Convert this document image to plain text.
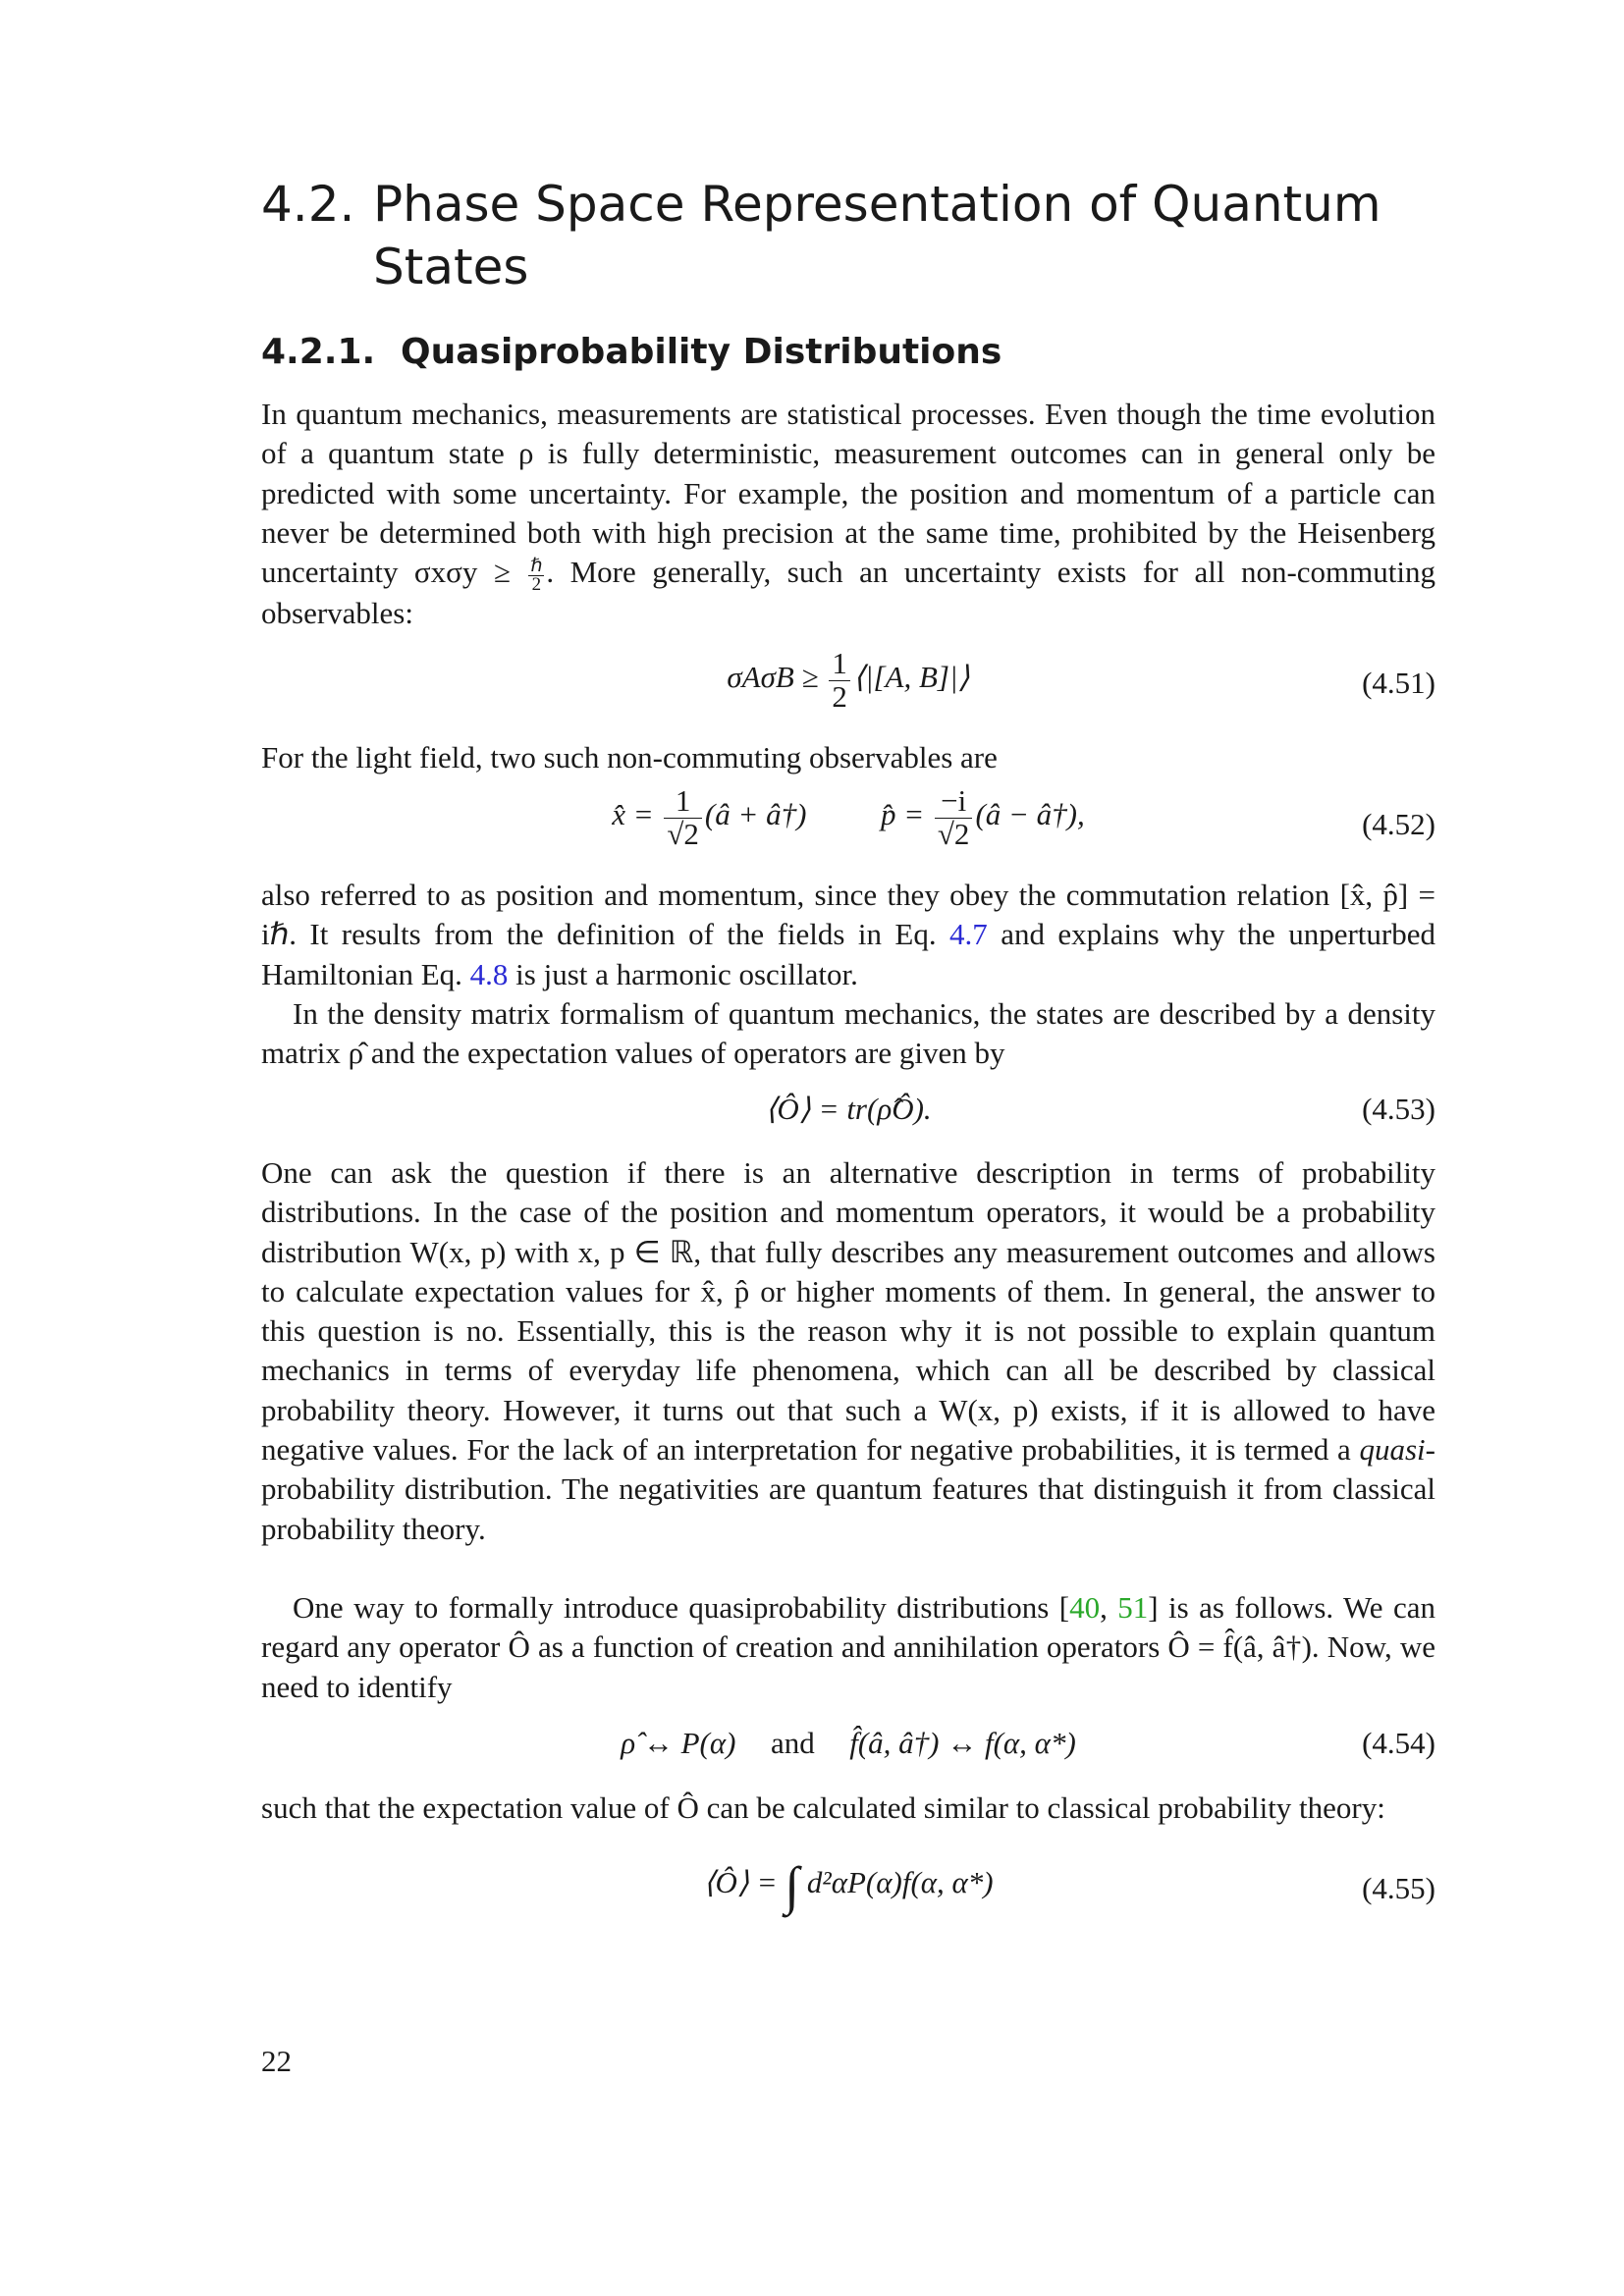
4.2. Phase Space Representation of Quantum
States
4.2.1. Quasiprobability Distributions

In quantum mechanics, measurements are statistical processes. Even though the time evolution of a quantum state ρ is fully deterministic, measurement outcomes can in general only be predicted with some uncertainty. For example, the position and momentum of a particle can never be determined both with high precision at the same time, prohibited by the Heisenberg uncertainty σxσy ≥ ℏ
2 . More generally, such an uncertainty exists for all non-commuting observables:

$\sigma A\sigma B \ge \frac{1}{2}$ ⟨|[A, B]|⟩	(4.51)

For the light field, two such non-commuting observables are

x̂ = $\frac{1}{√2}$ (â + â†) p̂ = $\frac{-i}{√2}$ (â − â†),	(4.52)

also referred to as position and momentum, since they obey the commutation relation [x̂, p̂] = iℏ. It results from the definition of the fields in Eq. 4.7 and explains why the unperturbed Hamiltonian Eq. 4.8 is just a harmonic oscillator.

In the density matrix formalism of quantum mechanics, the states are described by a density matrix ρ̂ and the expectation values of operators are given by

⟨Ô⟩ = tr(ρ̂Ô).	(4.53)

One can ask the question if there is an alternative description in terms of probability distributions. In the case of the position and momentum operators, it would be a probability distribution W(x, p) with x, p ∈ ℝ, that fully describes any measurement outcomes and allows to calculate expectation values for x̂, p̂ or higher moments of them. In general, the answer to this question is no. Essentially, this is the reason why it is not possible to explain quantum mechanics in terms of everyday life phenomena, which can all be described by classical probability theory. However, it turns out that such a W(x, p) exists, if it is allowed to have negative values. For the lack of an interpretation for negative probabilities, it is termed a quasi-probability distribution. The negativities are quantum features that distinguish it from classical probability theory.

One way to formally introduce quasiprobability distributions [40, 51] is as follows. We can regard any operator Ô as a function of creation and annihilation operators Ô = f̂(â, â†). Now, we need to identify

ρ̂ ↔ P(α) and f̂(â, â†) ↔ f(α, α*)	(4.54)

such that the expectation value of Ô can be calculated similar to classical probability theory:

⟨Ô⟩ = ∫ d²αP(α)f(α, α*)	(4.55)
22
